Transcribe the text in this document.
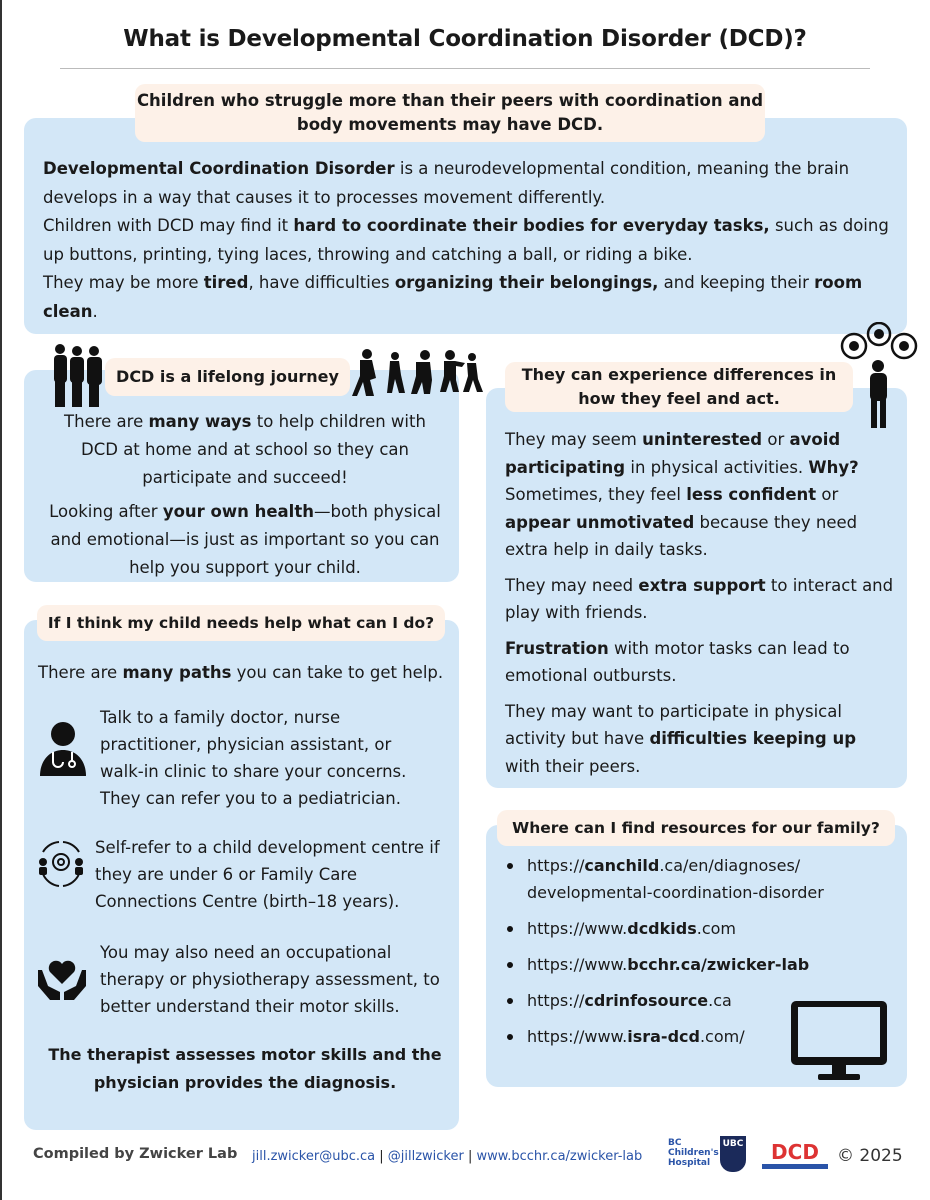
What is Developmental Coordination Disorder (DCD)?
Children who struggle more than their peers with coordination and body movements may have DCD.

Developmental Coordination Disorder is a neurodevelopmental condition, meaning the brain develops in a way that causes it to processes movement differently.

Children with DCD may find it hard to coordinate their bodies for everyday tasks, such as doing up buttons, printing, tying laces, throwing and catching a ball, or riding a bike.

They may be more tired, have difficulties organizing their belongings, and keeping their room clean.

DCD is a lifelong journey

There are many ways to help children with DCD at home and at school so they can participate and succeed!

Looking after your own health—both physical and emotional—is just as important so you can help you support your child.

They can experience differences in how they feel and act.

They may seem uninterested or avoid participating in physical activities. Why? Sometimes, they feel less confident or appear unmotivated because they need extra help in daily tasks.

They may need extra support to interact and play with friends.

Frustration with motor tasks can lead to emotional outbursts.

They may want to participate in physical activity but have difficulties keeping up with their peers.

If I think my child needs help what can I do?
There are many paths you can take to get help.
Talk to a family doctor, nurse practitioner, physician assistant, or walk-in clinic to share your concerns. They can refer you to a pediatrician.
Self-refer to a child development centre if they are under 6 or Family Care Connections Centre (birth–18 years).
You may also need an occupational therapy or physiotherapy assessment, to better understand their motor skills.
The therapist assesses motor skills and the physician provides the diagnosis.
Where can I find resources for our family?
https://canchild.ca/en/diagnoses/ developmental-coordination-disorder
https://www.dcdkids.com
https://www.bcchr.ca/zwicker-lab
https://cdrinfosource.ca
https://www.isra-dcd.com/
Compiled by Zwicker Lab jill.zwicker@ubc.ca | @jillzwicker | www.bcchr.ca/zwicker-lab
BC Children's Hospital
UBC	DCD	© 2025
